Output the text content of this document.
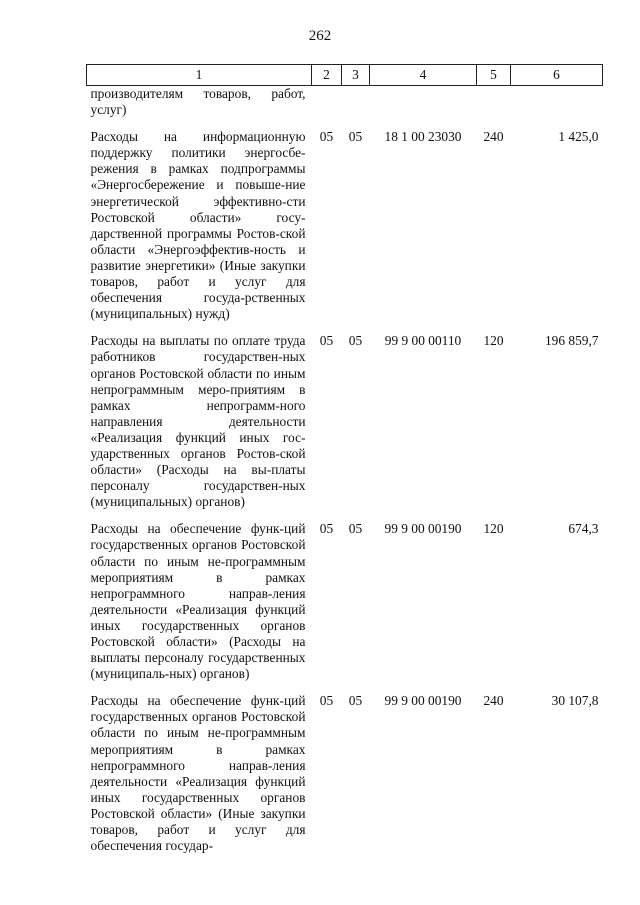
262
1	2	3	4	5	6
производителям товаров, работ, услуг)					
Расходы на информационную поддержку политики энергосбе-режения в рамках подпрограммы «Энергосбережение и повыше-ние энергетической эффективно-сти Ростовской области» госу-дарственной программы Ростов-ской области «Энергоэффектив-ность и развитие энергетики» (Иные закупки товаров, работ и услуг для обеспечения госуда-рственных (муниципальных) нужд)	05	05	18 1 00 23030	240	1 425,0
Расходы на выплаты по оплате труда работников государствен-ных органов Ростовской области по иным непрограммным меро-приятиям в рамках непрограмм-ного направления деятельности «Реализация функций иных гос-ударственных органов Ростов-ской области» (Расходы на вы-платы персоналу государствен-ных (муниципальных) органов)	05	05	99 9 00 00110	120	196 859,7
Расходы на обеспечение функ-ций государственных органов Ростовской области по иным не-программным мероприятиям в рамках непрограммного направ-ления деятельности «Реализация функций иных государственных органов Ростовской области» (Расходы на выплаты персоналу государственных (муниципаль-ных) органов)	05	05	99 9 00 00190	120	674,3
Расходы на обеспечение функ-ций государственных органов Ростовской области по иным не-программным мероприятиям в рамках непрограммного направ-ления деятельности «Реализация функций иных государственных органов Ростовской области» (Иные закупки товаров, работ и услуг для обеспечения государ-	05	05	99 9 00 00190	240	30 107,8
